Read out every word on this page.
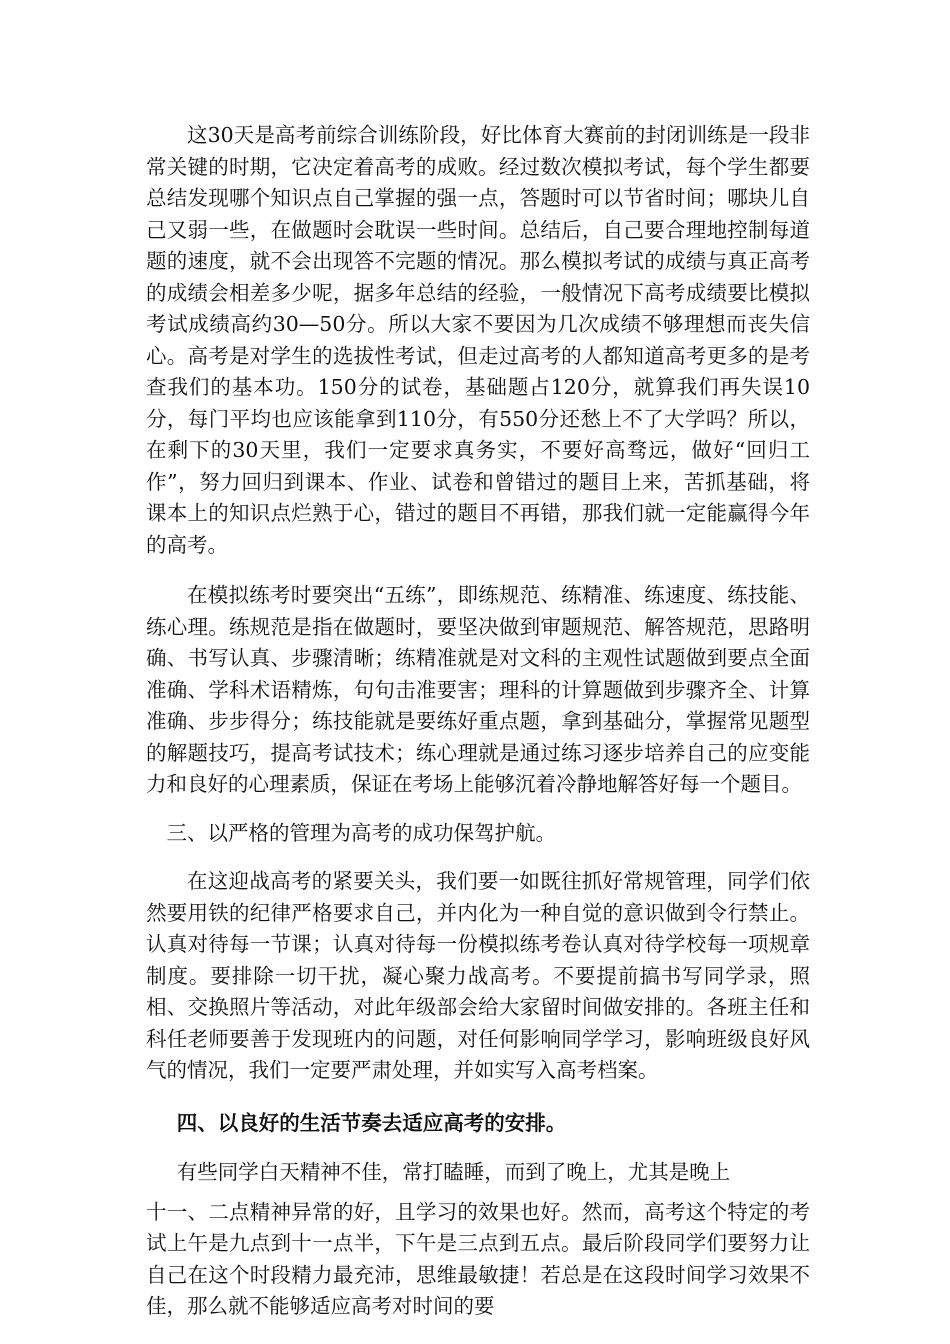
这30天是高考前综合训练阶段，好比体育大赛前的封闭训练是一段非常关键的时期，它决定着高考的成败。经过数次模拟考试，每个学生都要总结发现哪个知识点自己掌握的强一点，答题时可以节省时间；哪块儿自己又弱一些，在做题时会耽误一些时间。总结后，自己要合理地控制每道题的速度，就不会出现答不完题的情况。那么模拟考试的成绩与真正高考的成绩会相差多少呢，据多年总结的经验，一般情况下高考成绩要比模拟考试成绩高约30—50分。所以大家不要因为几次成绩不够理想而丧失信心。高考是对学生的选拔性考试，但走过高考的人都知道高考更多的是考查我们的基本功。150分的试卷，基础题占120分，就算我们再失误10分，每门平均也应该能拿到110分，有550分还愁上不了大学吗？所以，在剩下的30天里，我们一定要求真务实，不要好高骛远，做好“回归工作”，努力回归到课本、作业、试卷和曾错过的题目上来，苦抓基础，将课本上的知识点烂熟于心，错过的题目不再错，那我们就一定能赢得今年的高考。

在模拟练考时要突出“五练”，即练规范、练精准、练速度、练技能、练心理。练规范是指在做题时，要坚决做到审题规范、解答规范，思路明确、书写认真、步骤清晰；练精准就是对文科的主观性试题做到要点全面准确、学科术语精炼，句句击准要害；理科的计算题做到步骤齐全、计算准确、步步得分；练技能就是要练好重点题，拿到基础分，掌握常见题型的解题技巧，提高考试技术；练心理就是通过练习逐步培养自己的应变能力和良好的心理素质，保证在考场上能够沉着冷静地解答好每一个题目。

三、以严格的管理为高考的成功保驾护航。

在这迎战高考的紧要关头，我们要一如既往抓好常规管理，同学们依然要用铁的纪律严格要求自己，并内化为一种自觉的意识做到令行禁止。认真对待每一节课；认真对待每一份模拟练考卷认真对待学校每一项规章制度。要排除一切干扰，凝心聚力战高考。不要提前搞书写同学录，照相、交换照片等活动，对此年级部会给大家留时间做安排的。各班主任和科任老师要善于发现班内的问题，对任何影响同学学习，影响班级良好风气的情况，我们一定要严肃处理，并如实写入高考档案。

四、以良好的生活节奏去适应高考的安排。

有些同学白天精神不佳，常打瞌睡，而到了晚上，尤其是晚上

十一、二点精神异常的好，且学习的效果也好。然而，高考这个特定的考试上午是九点到十一点半，下午是三点到五点。最后阶段同学们要努力让自己在这个时段精力最充沛，思维最敏捷！若总是在这段时间学习效果不佳，那么就不能够适应高考对时间的要
